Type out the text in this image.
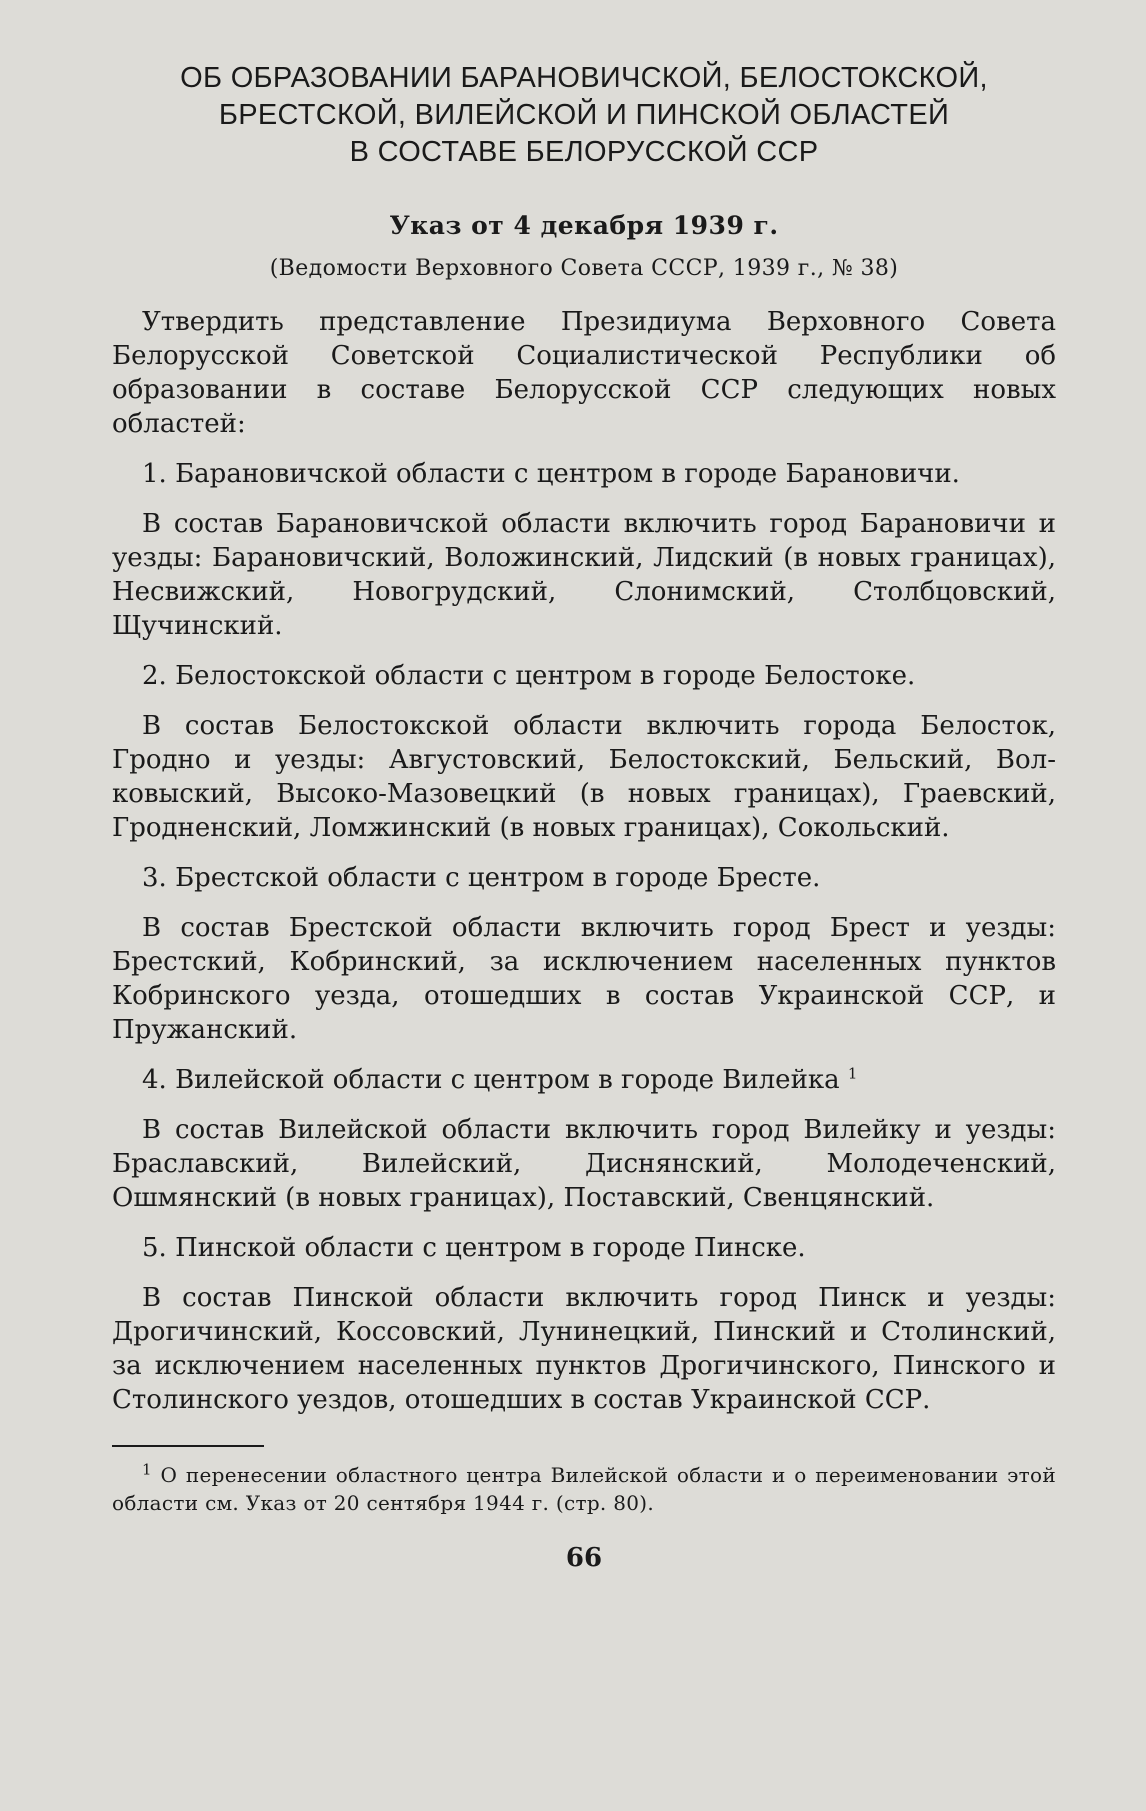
ОБ ОБРАЗОВАНИИ БАРАНОВИЧСКОЙ, БЕЛОСТОКСКОЙ,
БРЕСТСКОЙ, ВИЛЕЙСКОЙ И ПИНСКОЙ ОБЛАСТЕЙ
В СОСТАВЕ БЕЛОРУССКОЙ ССР

Указ от 4 декабря 1939 г.

(Ведомости Верховного Совета СССР, 1939 г., № 38)

Утвердить представление Президиума Верховного Совета Белорусской Советской Социалистической Республики об образовании в составе Белорусской ССР следующих новых областей:

1. Барановичской области с центром в городе Барановичи.

В состав Барановичской области включить город Барановичи и уезды: Барановичский, Воложинский, Лидский (в новых границах), Несвижский, Новогрудский, Слонимский, Столбцовский, Щучинский.

2. Белостокской области с центром в городе Белостоке.

В состав Белостокской области включить города Белосток, Гродно и уезды: Августовский, Белостокский, Бельский, Волковыский, Высоко-Мазовецкий (в новых границах), Граевский, Гродненский, Ломжинский (в новых границах), Сокольский.

3. Брестской области с центром в городе Бресте.

В состав Брестской области включить город Брест и уезды: Брестский, Кобринский, за исключением населенных пунктов Кобринского уезда, отошедших в состав Украинской ССР, и Пружанский.

4. Вилейской области с центром в городе Вилейка $^1$

В состав Вилейской области включить город Вилейку и уезды: Браславский, Вилейский, Диснянский, Молодеченский, Ошмянский (в новых границах), Поставский, Свенцянский.

5. Пинской области с центром в городе Пинске.

В состав Пинской области включить город Пинск и уезды: Дрогичинский, Коссовский, Лунинецкий, Пинский и Столинский, за исключением населенных пунктов Дрогичинского, Пинского и Столинского уездов, отошедших в состав Украинской ССР.

$^1$ О перенесении областного центра Вилейской области и о переименовании этой области см. Указ от 20 сентября 1944 г. (стр. 80).

66
